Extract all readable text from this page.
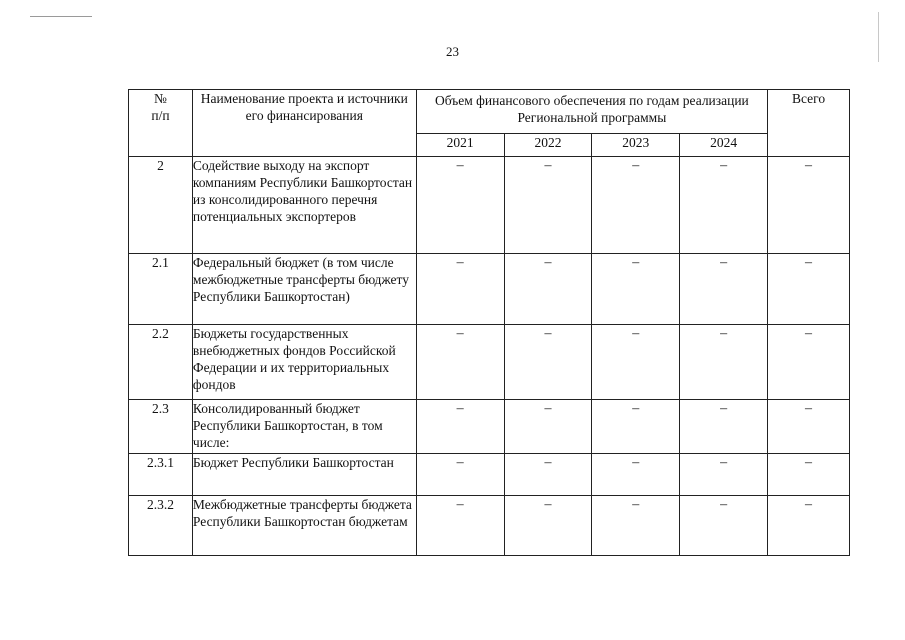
23
№
п/п	Наименование проекта и источники его финансирования	Объем финансового обеспечения по годам реализации Региональной программы				Всего
		2021	2022	2023	2024	
2	Содействие выходу на экспорт компаниям Республики Башкортостан из консолидированного перечня потенциальных экспортеров	–	–	–	–	–
2.1	Федеральный бюджет (в том числе межбюджетные трансферты бюджету Республики Башкортостан)	–	–	–	–	–
2.2	Бюджеты государственных внебюджетных фондов Российской Федерации и их территориальных фондов	–	–	–	–	–
2.3	Консолидированный бюджет Республики Башкортостан, в том числе:	–	–	–	–	–
2.3.1	Бюджет Республики Башкортостан	–	–	–	–	–
2.3.2	Межбюджетные трансферты бюджета Республики Башкортостан бюджетам	–	–	–	–	–
